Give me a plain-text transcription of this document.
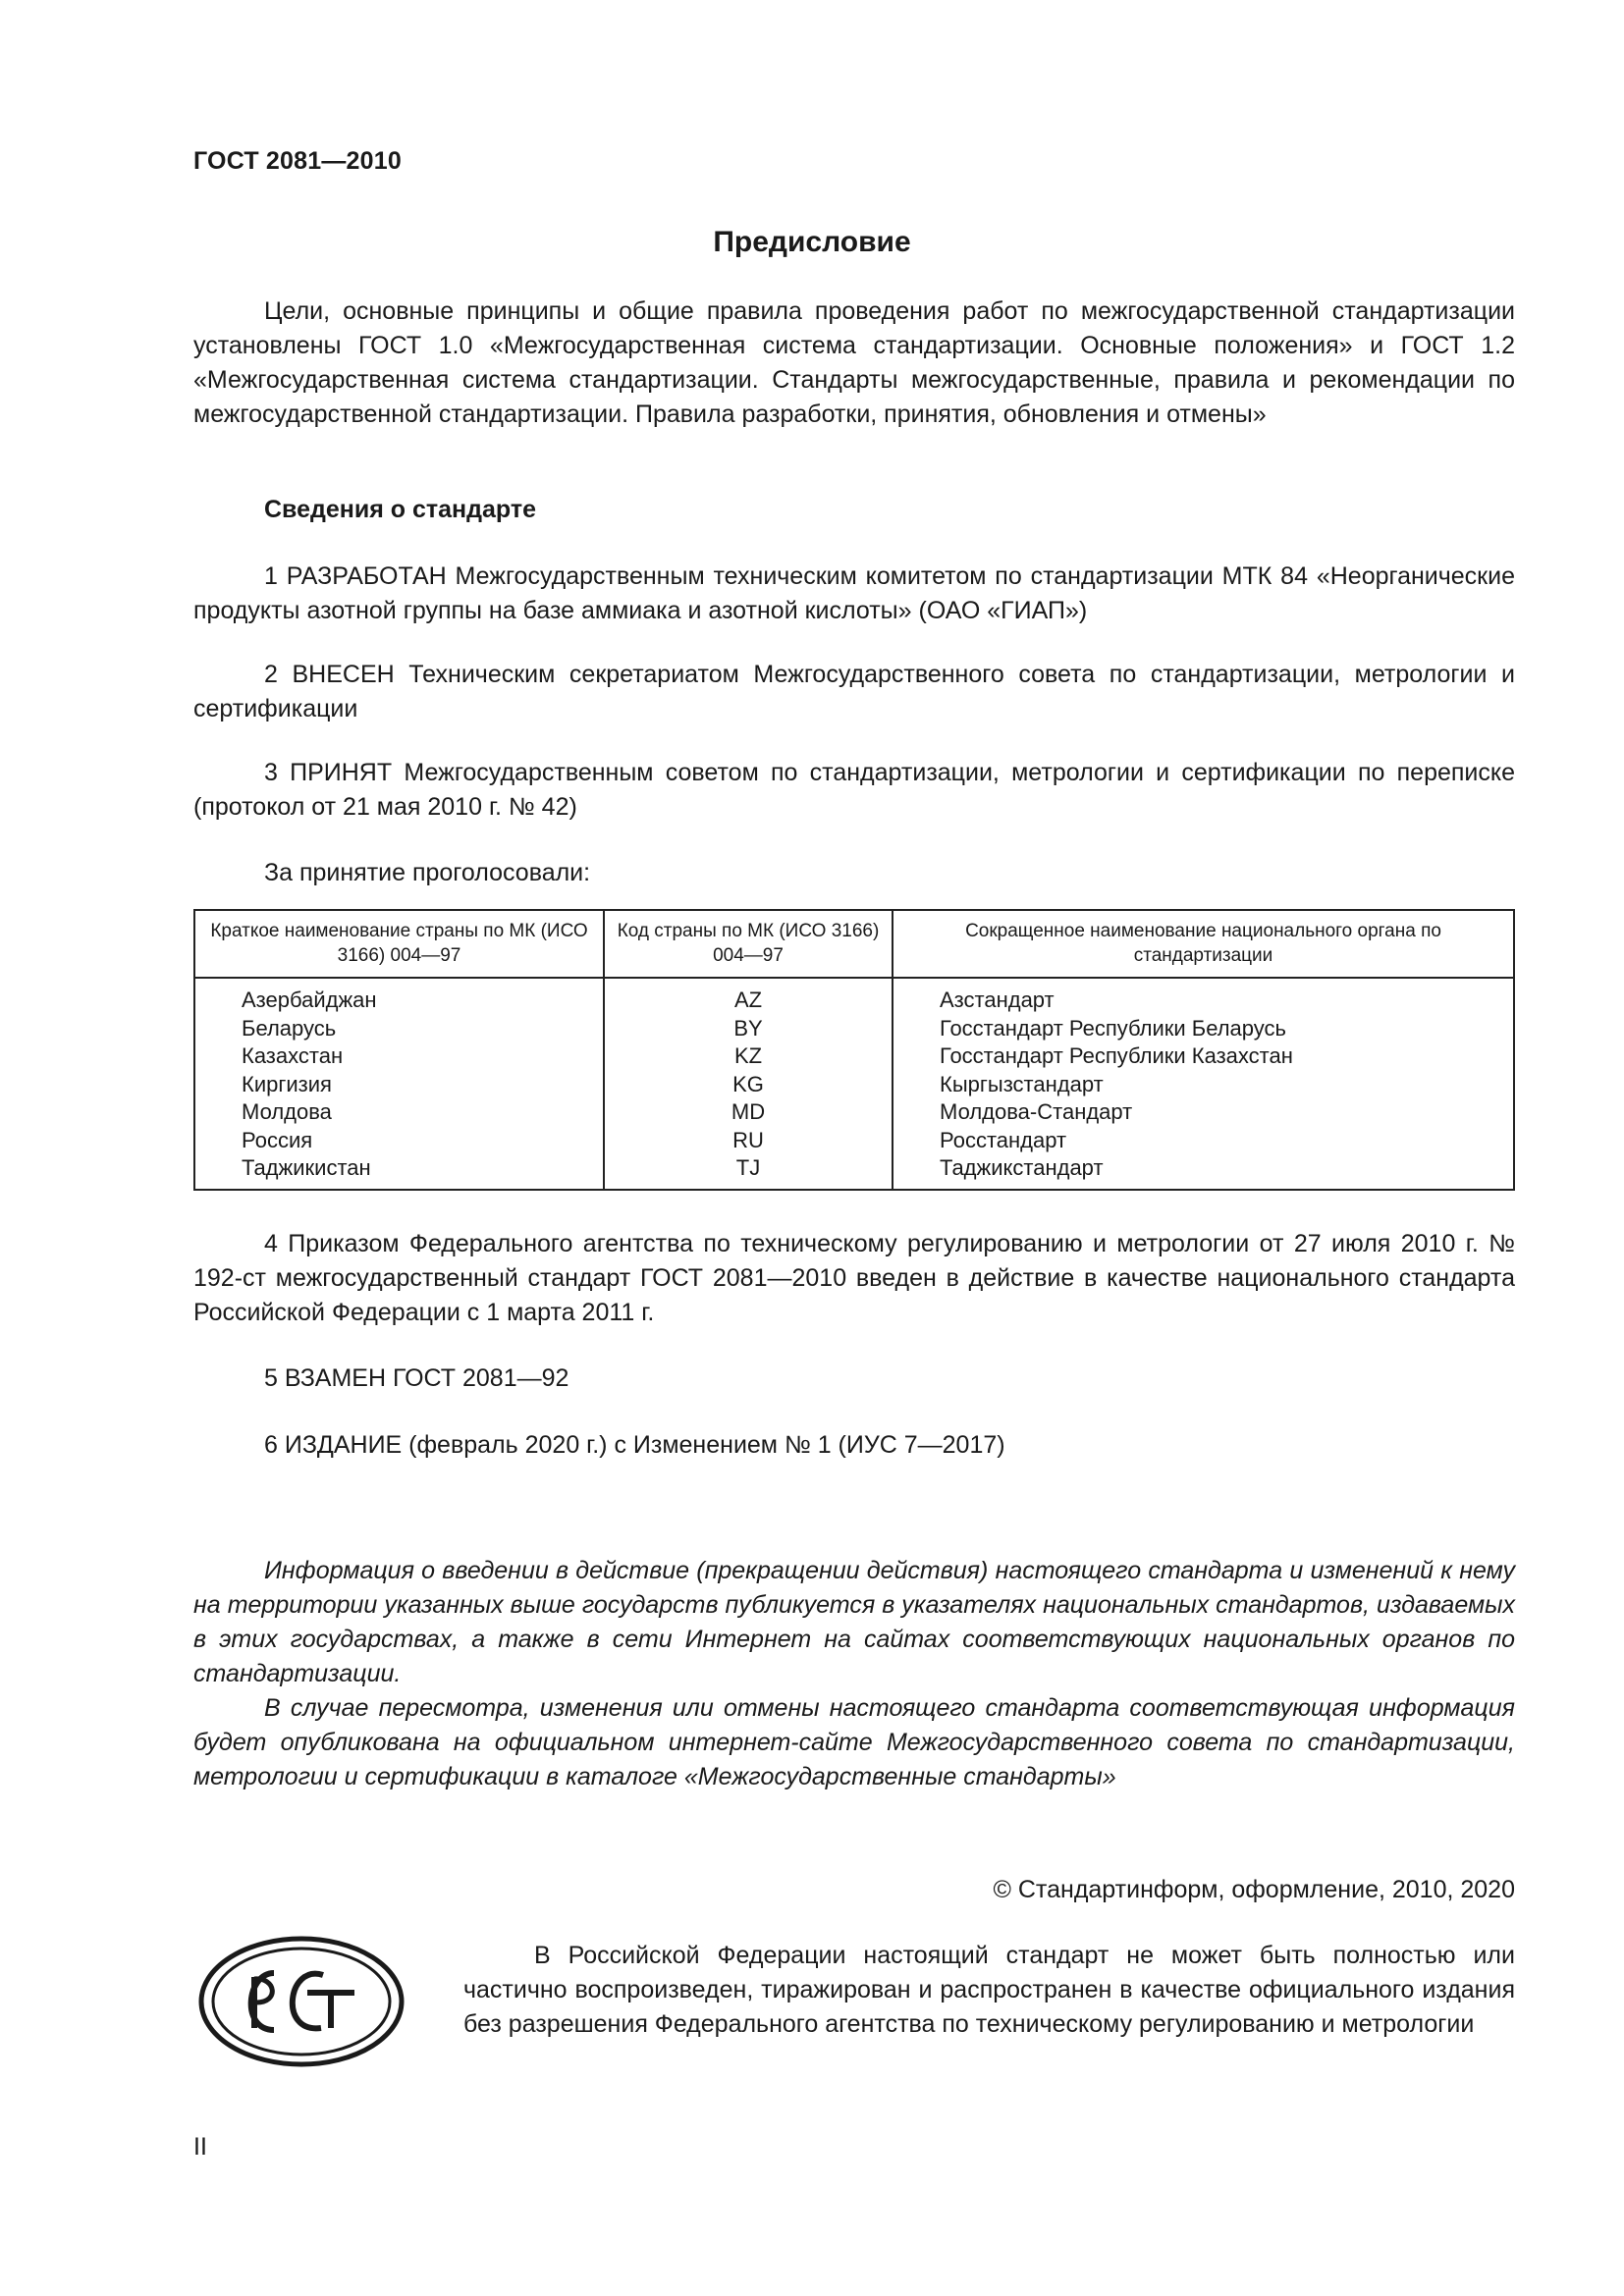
ГОСТ 2081—2010
Предисловие

Цели, основные принципы и общие правила проведения работ по межгосударственной стандартизации установлены ГОСТ 1.0 «Межгосударственная система стандартизации. Основные положения» и ГОСТ 1.2 «Межгосударственная система стандартизации. Стандарты межгосударственные, правила и рекомендации по межгосударственной стандартизации. Правила разработки, принятия, обновления и отмены»

Сведения о стандарте

1 РАЗРАБОТАН Межгосударственным техническим комитетом по стандартизации МТК 84 «Неорганические продукты азотной группы на базе аммиака и азотной кислоты» (ОАО «ГИАП»)

2 ВНЕСЕН Техническим секретариатом Межгосударственного совета по стандартизации, метрологии и сертификации

3 ПРИНЯТ Межгосударственным советом по стандартизации, метрологии и сертификации по переписке (протокол от 21 мая 2010 г. № 42)

За принятие проголосовали:

Краткое наименование страны по МК (ИСО 3166) 004—97	Код страны по МК (ИСО 3166) 004—97	Сокращенное наименование национального органа по стандартизации
Азербайджан	AZ	Азстандарт
Беларусь	BY	Госстандарт Республики Беларусь
Казахстан	KZ	Госстандарт Республики Казахстан
Киргизия	KG	Кыргызстандарт
Молдова	MD	Молдова-Стандарт
Россия	RU	Росстандарт
Таджикистан	TJ	Таджикстандарт

4 Приказом Федерального агентства по техническому регулированию и метрологии от 27 июля 2010 г. № 192-ст межгосударственный стандарт ГОСТ 2081—2010 введен в действие в качестве национального стандарта Российской Федерации с 1 марта 2011 г.

5 ВЗАМЕН ГОСТ 2081—92

6 ИЗДАНИЕ (февраль 2020 г.) с Изменением № 1 (ИУС 7—2017)

Информация о введении в действие (прекращении действия) настоящего стандарта и изменений к нему на территории указанных выше государств публикуется в указателях национальных стандартов, издаваемых в этих государствах, а также в сети Интернет на сайтах соответствующих национальных органов по стандартизации.

В случае пересмотра, изменения или отмены настоящего стандарта соответствующая информация будет опубликована на официальном интернет-сайте Межгосударственного совета по стандартизации, метрологии и сертификации в каталоге «Межгосударственные стандарты»

© Стандартинформ, оформление, 2010, 2020

В Российской Федерации настоящий стандарт не может быть полностью или частично воспроизведен, тиражирован и распространен в качестве официального издания без разрешения Федерального агентства по техническому регулированию и метрологии

II
